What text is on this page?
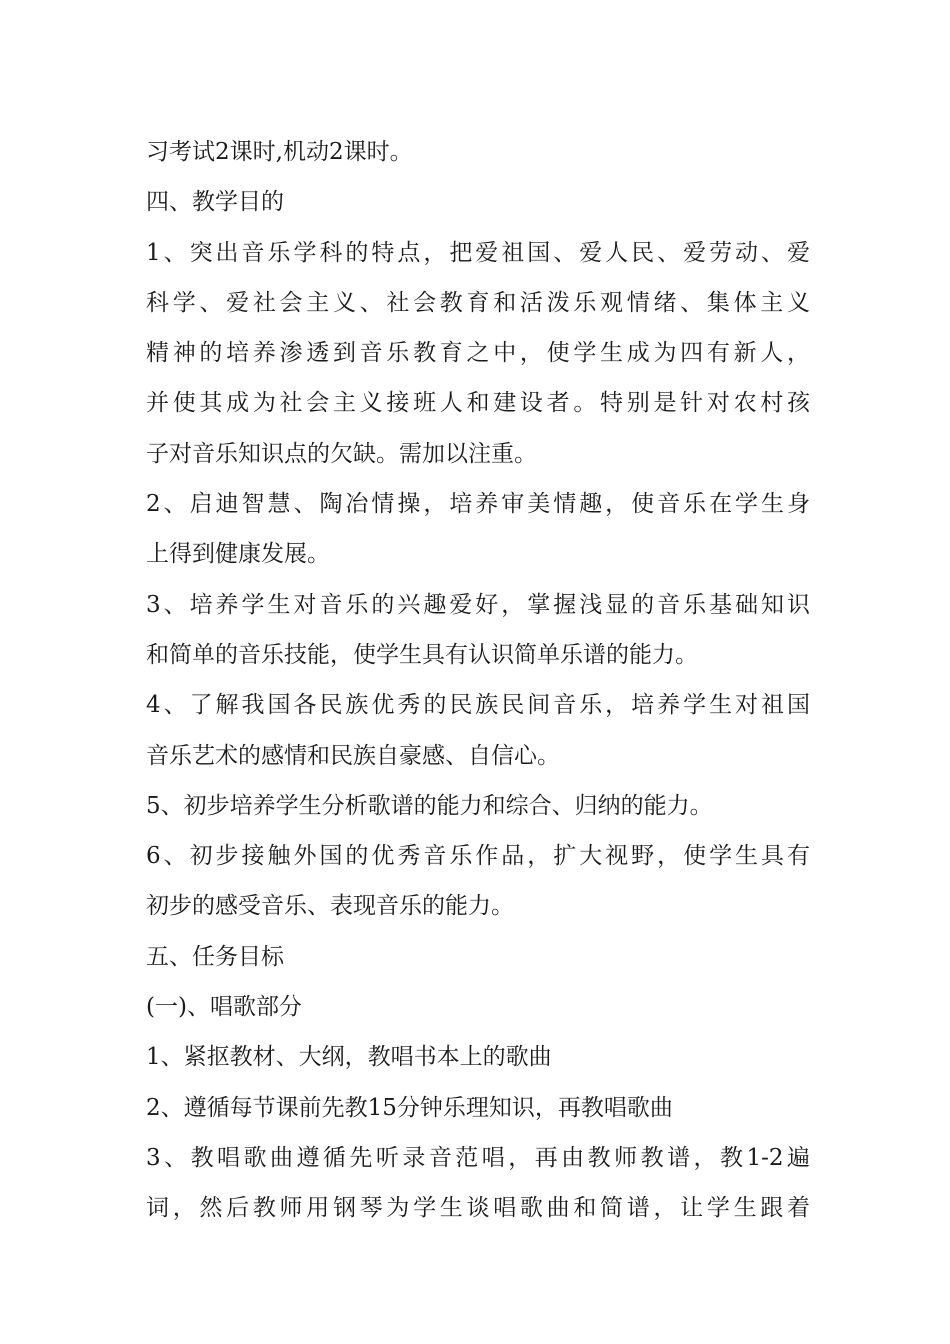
习考试2课时,机动2课时。
四、教学目的
1、突出音乐学科的特点，把爱祖国、爱人民、爱劳动、爱
科学、爱社会主义、社会教育和活泼乐观情绪、集体主义
精神的培养渗透到音乐教育之中，使学生成为四有新人，
并使其成为社会主义接班人和建设者。特别是针对农村孩
子对音乐知识点的欠缺。需加以注重。
2、启迪智慧、陶冶情操，培养审美情趣，使音乐在学生身
上得到健康发展。
3、培养学生对音乐的兴趣爱好，掌握浅显的音乐基础知识
和简单的音乐技能，使学生具有认识简单乐谱的能力。
4、了解我国各民族优秀的民族民间音乐，培养学生对祖国
音乐艺术的感情和民族自豪感、自信心。
5、初步培养学生分析歌谱的能力和综合、归纳的能力。
6、初步接触外国的优秀音乐作品，扩大视野，使学生具有
初步的感受音乐、表现音乐的能力。
五、任务目标
(一)、唱歌部分
1、紧抠教材、大纲，教唱书本上的歌曲
2、遵循每节课前先教15分钟乐理知识，再教唱歌曲
3、教唱歌曲遵循先听录音范唱，再由教师教谱，教1-2遍
词，然后教师用钢琴为学生谈唱歌曲和简谱，让学生跟着
